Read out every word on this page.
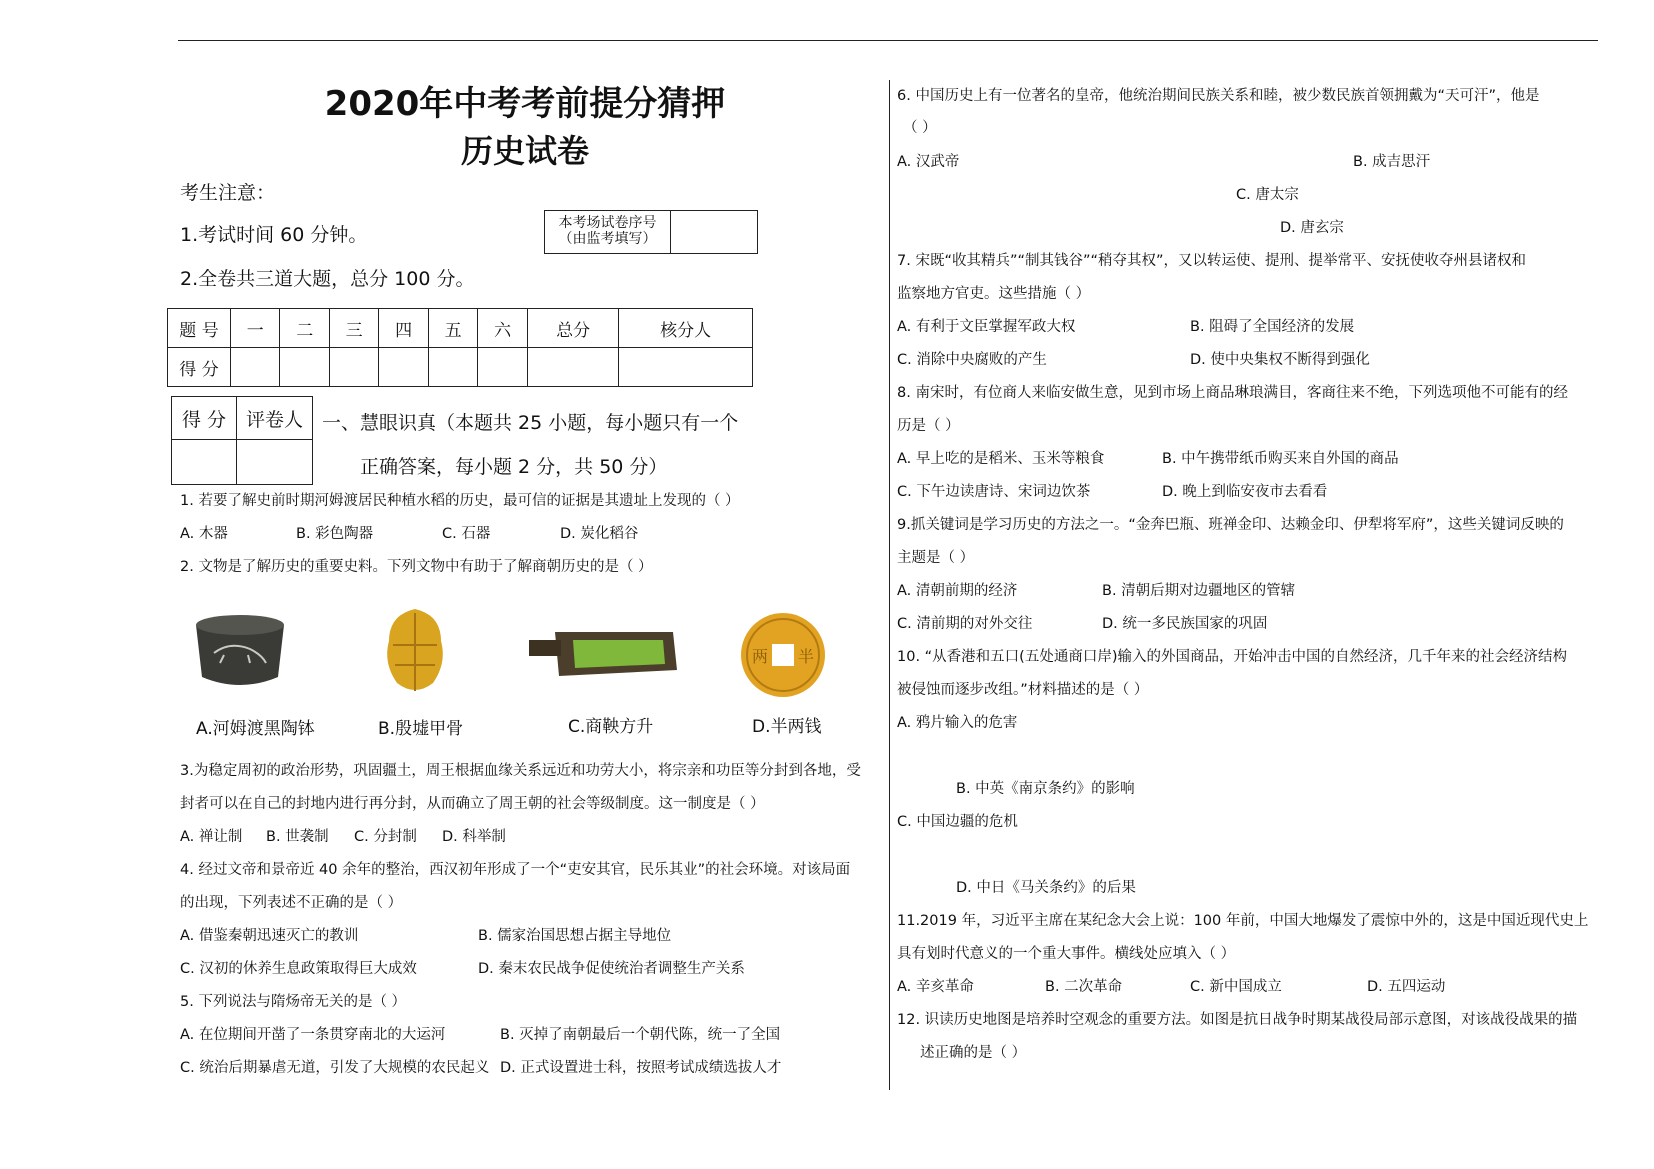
2020年中考考前提分猜押
历史试卷
考生注意：
1.考试时间 60 分钟。
2.全卷共三道大题，总分 100 分。
本考场试卷序号
（由监考填写）
题 号	一	二	三	四	五	六	总分	核分人
得 分								
得 分	评卷人
	一、慧眼识真（本题共 25 小题，每小题只有一个
正确答案，每小题 2 分，共 50 分）
1. 若要了解史前时期河姆渡居民种植水稻的历史，最可信的证据是其遗址上发现的（ ）
A. 木器	B. 彩色陶器	C. 石器	D. 炭化稻谷
2. 文物是了解历史的重要史料。下列文物中有助于了解商朝历史的是（ ）
两 半
A.河姆渡黑陶钵	B.殷墟甲骨	C.商鞅方升	D.半两钱
3.为稳定周初的政治形势，巩固疆土，周王根据血缘关系远近和功劳大小，将宗亲和功臣等分封到各地，受
封者可以在自己的封地内进行再分封，从而确立了周王朝的社会等级制度。这一制度是（ ）
A. 禅让制 B. 世袭制 C. 分封制 D. 科举制
4. 经过文帝和景帝近 40 余年的整治，西汉初年形成了一个“吏安其官，民乐其业”的社会环境。对该局面
的出现，下列表述不正确的是（ ）
A. 借鉴秦朝迅速灭亡的教训	B. 儒家治国思想占据主导地位
C. 汉初的休养生息政策取得巨大成效	D. 秦末农民战争促使统治者调整生产关系
5. 下列说法与隋炀帝无关的是（ ）
A. 在位期间开凿了一条贯穿南北的大运河	B. 灭掉了南朝最后一个朝代陈，统一了全国
C. 统治后期暴虐无道，引发了大规模的农民起义 D. 正式设置进士科，按照考试成绩选拔人才
6. 中国历史上有一位著名的皇帝，他统治期间民族关系和睦，被少数民族首领拥戴为“天可汗”，他是
（ ）
A. 汉武帝	B. 成吉思汗
C. 唐太宗
D. 唐玄宗
7. 宋既“收其精兵”“制其钱谷”“稍夺其权”，又以转运使、提刑、提举常平、安抚使收夺州县诸权和
监察地方官吏。这些措施（ ）
A. 有利于文臣掌握军政大权	B. 阻碍了全国经济的发展
C. 消除中央腐败的产生	D. 使中央集权不断得到强化
8. 南宋时，有位商人来临安做生意，见到市场上商品琳琅满目，客商往来不绝，下列选项他不可能有的经
历是（ ）
A. 早上吃的是稻米、玉米等粮食	B. 中午携带纸币购买来自外国的商品
C. 下午边读唐诗、宋词边饮茶	D. 晚上到临安夜市去看看
9.抓关键词是学习历史的方法之一。“金奔巴瓶、班禅金印、达赖金印、伊犁将军府”，这些关键词反映的
主题是（ ）
A. 清朝前期的经济	B. 清朝后期对边疆地区的管辖
C. 清前期的对外交往	D. 统一多民族国家的巩固
10. “从香港和五口(五处通商口岸)输入的外国商品，开始冲击中国的自然经济，几千年来的社会经济结构
被侵蚀而逐步改组。”材料描述的是（ ）
A. 鸦片输入的危害
B. 中英《南京条约》的影响
C. 中国边疆的危机
D. 中日《马关条约》的后果
11.2019 年，习近平主席在某纪念大会上说：100 年前，中国大地爆发了震惊中外的，这是中国近现代史上
具有划时代意义的一个重大事件。横线处应填入（ ）
A. 辛亥革命	B. 二次革命	C. 新中国成立	D. 五四运动
12. 识读历史地图是培养时空观念的重要方法。如图是抗日战争时期某战役局部示意图，对该战役战果的描
述正确的是（ ）
